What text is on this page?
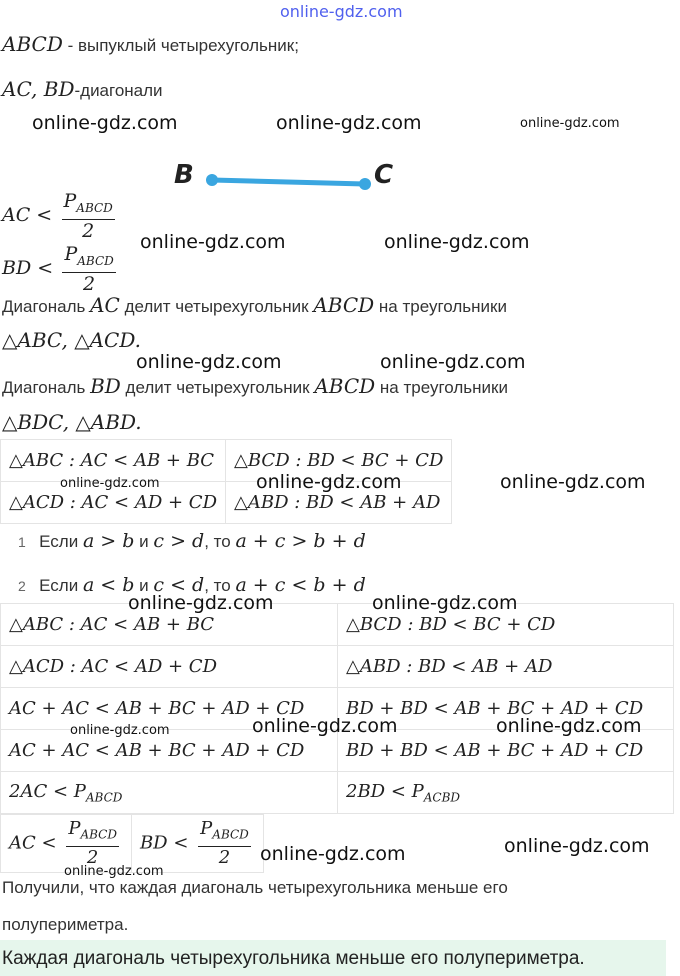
online-gdz.com
ABCD - выпуклый четырехугольник;
AC, BD-диагонали
online-gdz.com	online-gdz.com	online-gdz.com
B	C
AC < $\frac{P_{ABCD}}{2}$
online-gdz.com	online-gdz.com
BD < $\frac{P_{ABCD}}{2}$
Диагональ AC делит четырехугольник ABCD на треугольники
△ABC, △ACD.
online-gdz.com	online-gdz.com
Диагональ BD делит четырехугольник ABCD на треугольники
△BDC, △ABD.
△ABC : AC < AB + BC	△BCD : BD < BC + CD
△ACD : AC < AD + CD	△ABD : BD < AB + AD
online-gdz.com	online-gdz.com	online-gdz.com
1 Если a > b и c > d, то a + c > b + d
2 Если a < b и c < d, то a + c < b + d
△ABC : AC < AB + BC	△BCD : BD < BC + CD
△ACD : AC < AD + CD	△ABD : BD < AB + AD
AC + AC < AB + BC + AD + CD	BD + BD < AB + BC + AD + CD
AC + AC < AB + BC + AD + CD	BD + BD < AB + BC + AD + CD
$2AC < P_{ABCD}$	$2BD < P_{ACBD}$
online-gdz.com	online-gdz.com
online-gdz.com	online-gdz.com	online-gdz.com
AC < $\frac{P_{ABCD}}{2}$	BD < $\frac{P_{ABCD}}{2}$ online-gdz.com	online-gdz.com
online-gdz.com
Получили, что каждая диагональ четырехугольника меньше его
полупериметра.
Каждая диагональ четырехугольника меньше его полупериметра.
